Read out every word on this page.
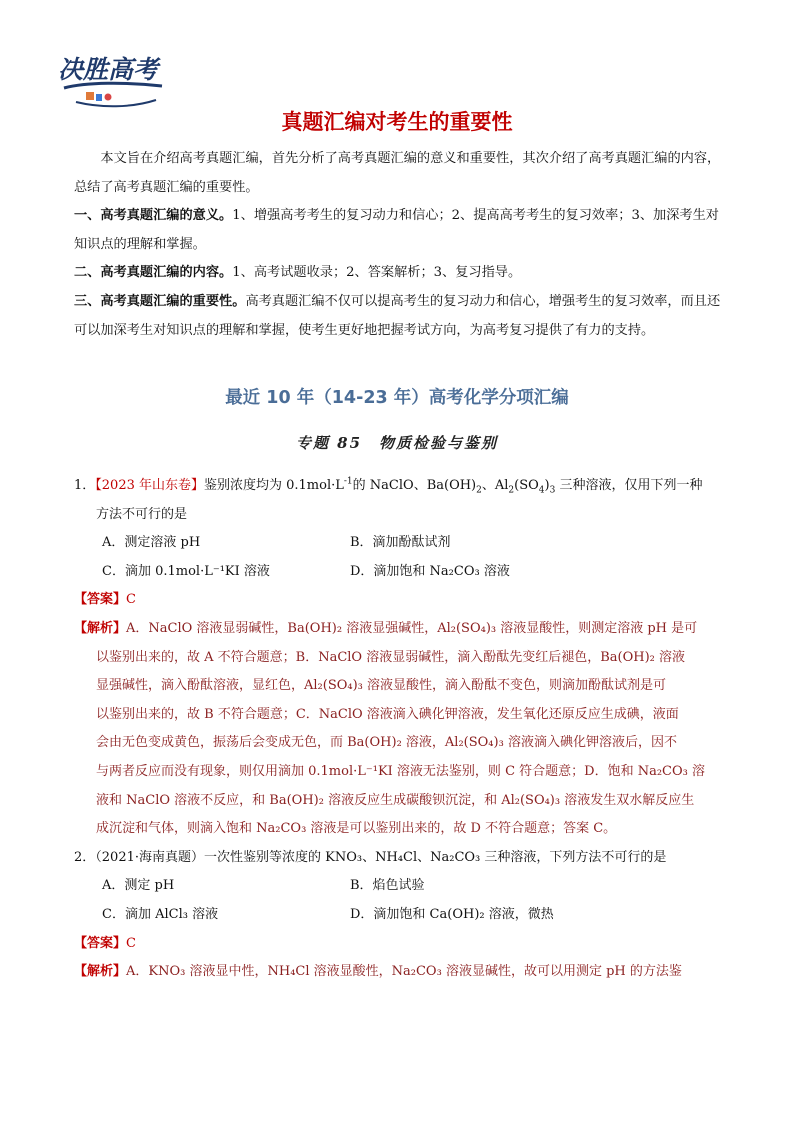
决胜高考
真题汇编对考生的重要性

本文旨在介绍高考真题汇编，首先分析了高考真题汇编的意义和重要性，其次介绍了高考真题汇编的内容，总结了高考真题汇编的重要性。

一、高考真题汇编的意义。1、增强高考考生的复习动力和信心；2、提高高考考生的复习效率；3、加深考生对知识点的理解和掌握。

二、高考真题汇编的内容。1、高考试题收录；2、答案解析；3、复习指导。

三、高考真题汇编的重要性。高考真题汇编不仅可以提高考生的复习动力和信心，增强考生的复习效率，而且还可以加深考生对知识点的理解和掌握，使考生更好地把握考试方向，为高考复习提供了有力的支持。

最近 10 年（14-23 年）高考化学分项汇编
专题 85　物质检验与鉴别
1．【2023 年山东卷】鉴别浓度均为 $0.1mol\cdot L^{-1}$的 NaClO、$Ba(OH)_2$、$Al_2(SO_4)_3$ 三种溶液，仅用下列一种
方法不可行的是
A．测定溶液 pH	B．滴加酚酞试剂
C．滴加 0.1mol·L⁻¹KI 溶液	D．滴加饱和 Na₂CO₃ 溶液
【答案】C
【解析】A．NaClO 溶液显弱碱性，Ba(OH)₂ 溶液显强碱性，Al₂(SO₄)₃ 溶液显酸性，则测定溶液 pH 是可
以鉴别出来的，故 A 不符合题意；B．NaClO 溶液显弱碱性，滴入酚酞先变红后褪色，Ba(OH)₂ 溶液
显强碱性，滴入酚酞溶液，显红色，Al₂(SO₄)₃ 溶液显酸性，滴入酚酞不变色，则滴加酚酞试剂是可
以鉴别出来的，故 B 不符合题意；C．NaClO 溶液滴入碘化钾溶液，发生氧化还原反应生成碘，液面
会由无色变成黄色，振荡后会变成无色，而 Ba(OH)₂ 溶液，Al₂(SO₄)₃ 溶液滴入碘化钾溶液后，因不
与两者反应而没有现象，则仅用滴加 0.1mol·L⁻¹KI 溶液无法鉴别，则 C 符合题意；D．饱和 Na₂CO₃ 溶
液和 NaClO 溶液不反应，和 Ba(OH)₂ 溶液反应生成碳酸钡沉淀，和 Al₂(SO₄)₃ 溶液发生双水解反应生
成沉淀和气体，则滴入饱和 Na₂CO₃ 溶液是可以鉴别出来的，故 D 不符合题意；答案 C。
2．（2021·海南真题）一次性鉴别等浓度的 KNO₃、NH₄Cl、Na₂CO₃ 三种溶液，下列方法不可行的是
A．测定 pH	B．焰色试验
C．滴加 AlCl₃ 溶液	D．滴加饱和 Ca(OH)₂ 溶液，微热
【答案】C
【解析】A．KNO₃ 溶液显中性，NH₄Cl 溶液显酸性，Na₂CO₃ 溶液显碱性，故可以用测定 pH 的方法鉴
